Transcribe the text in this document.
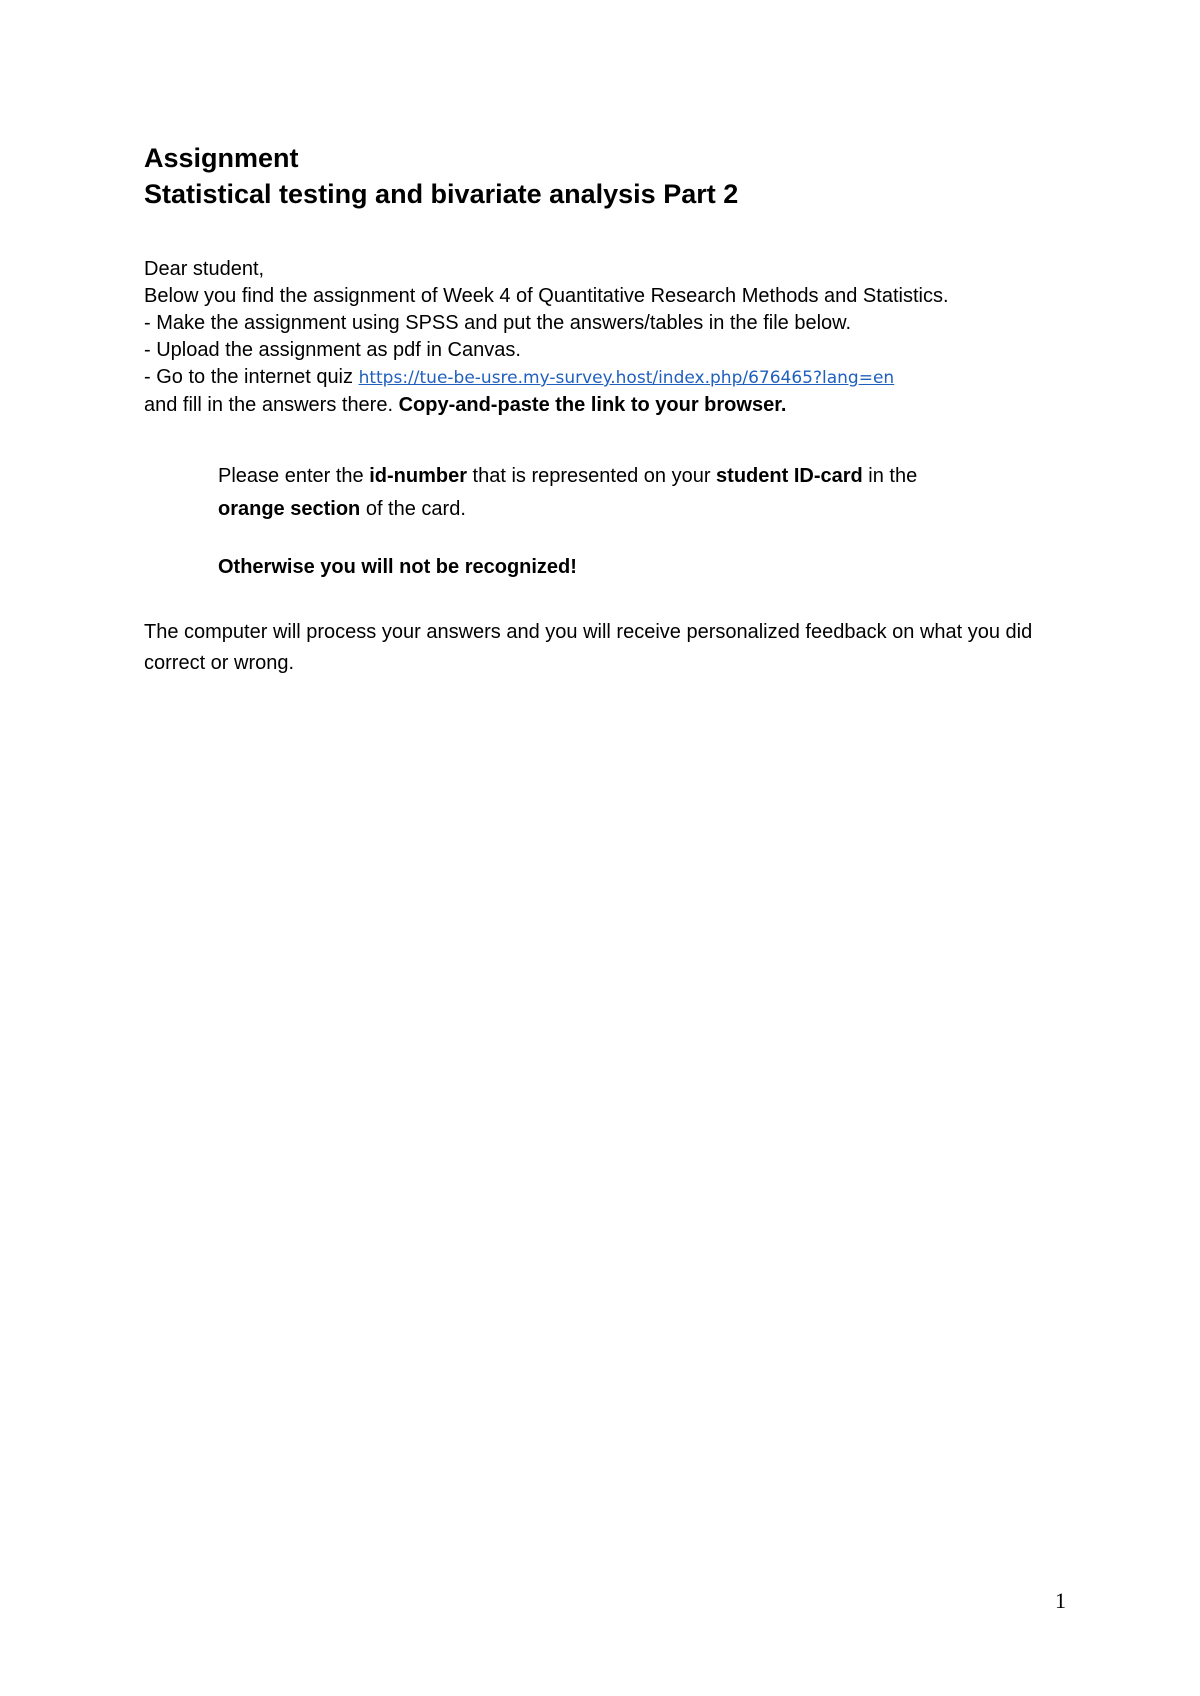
Assignment

Statistical testing and bivariate analysis Part 2

Dear student,
Below you find the assignment of Week 4 of Quantitative Research Methods and Statistics.
- Make the assignment using SPSS and put the answers/tables in the file below.
- Upload the assignment as pdf in Canvas.
- Go to the internet quiz https://tue-be-usre.my-survey.host/index.php/676465?lang=en
and fill in the answers there. Copy-and-paste the link to your browser.
Please enter the id-number that is represented on your student ID-card in the
orange section of the card.
Otherwise you will not be recognized!
The computer will process your answers and you will receive personalized feedback on what you did correct or wrong.
1
